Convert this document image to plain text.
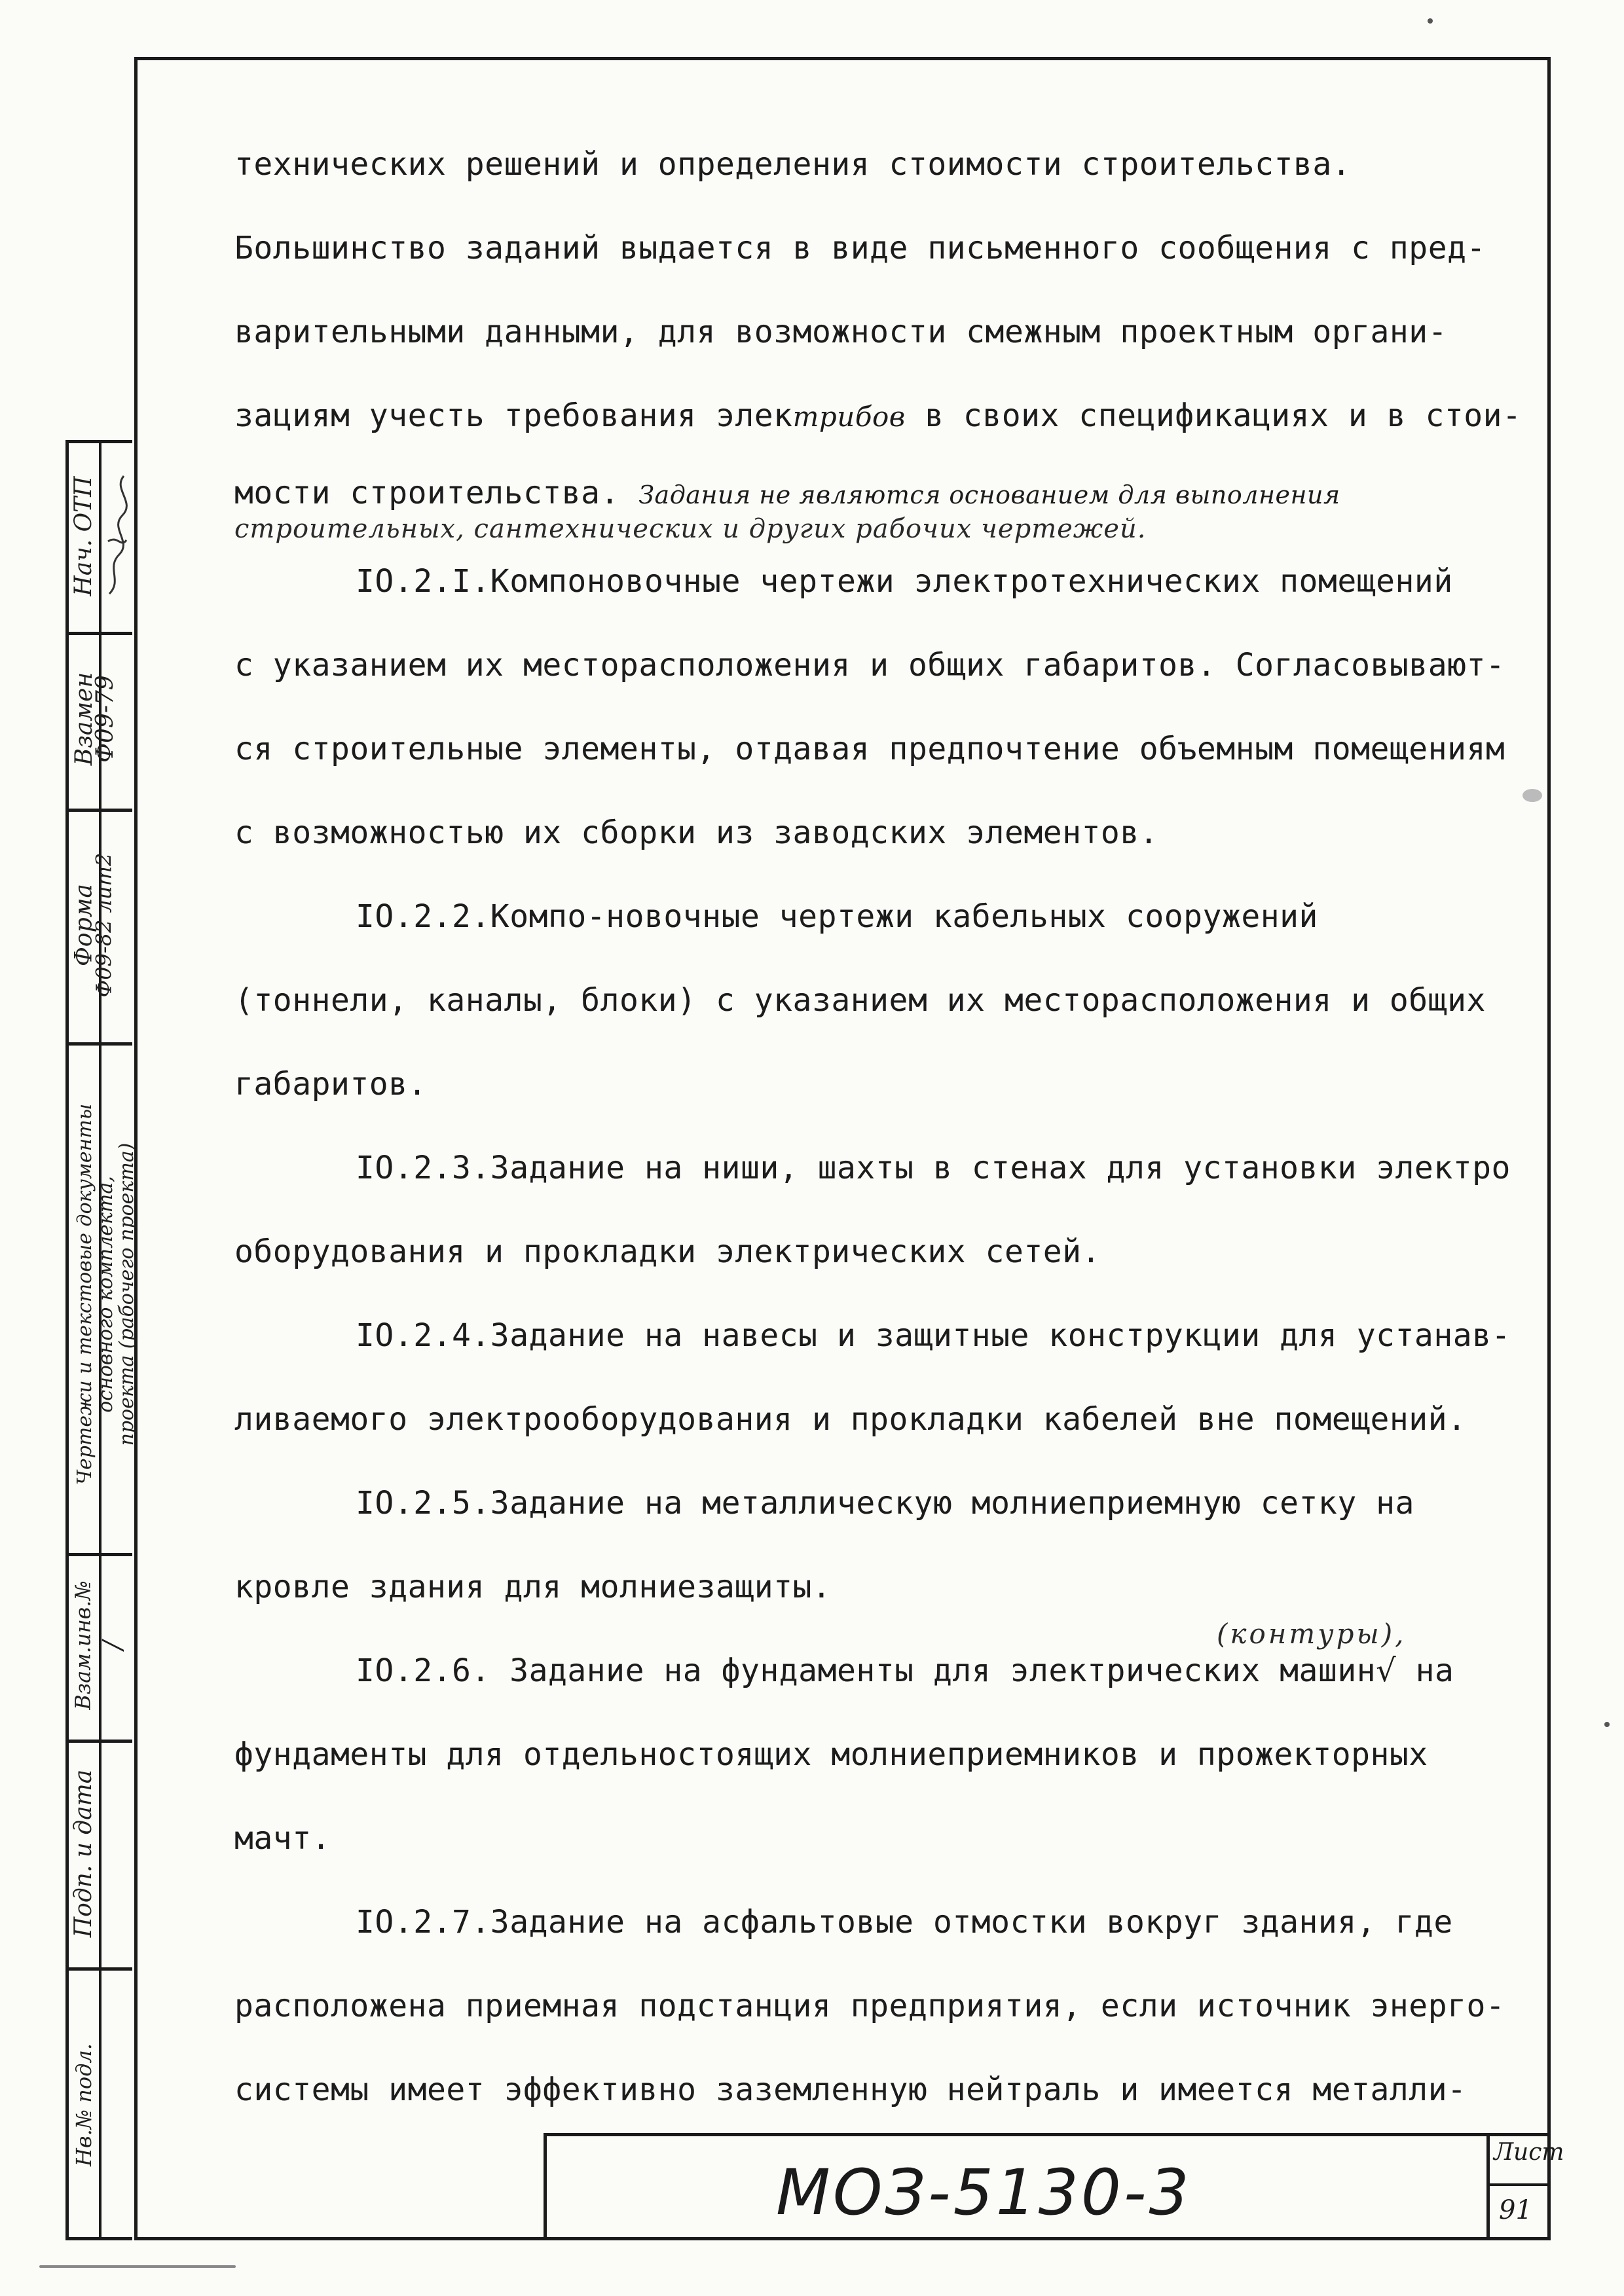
технических решений и определения стоимости строительства.
Большинство заданий выдается в виде письменного сообщения с пред-
варительными данными, для возможности смежным проектным органи-
зациям учесть требования электрибов в своих спецификациях и в стои-
мости строительства. Задания не являются основанием для выполнения
строительных, сантехнических и других рабочих чертежей.
IO.2.I.Компоновочные чертежи электротехнических помещений
с указанием их месторасположения и общих габаритов. Согласовывают-
ся строительные элементы, отдавая предпочтение объемным помещениям
с возможностью их сборки из заводских элементов.
IO.2.2.Компо-новочные чертежи кабельных сооружений
(тоннели, каналы, блоки) с указанием их месторасположения и общих
габаритов.
IO.2.3.Задание на ниши, шахты в стенах для установки электро
оборудования и прокладки электрических сетей.
IO.2.4.Задание на навесы и защитные конструкции для устанав-
ливаемого электрооборудования и прокладки кабелей вне помещений.
IO.2.5.Задание на металлическую молниеприемную сетку на
кровле здания для молниезащиты.
(контуры),
IO.2.6. Задание на фундаменты для электрических машин√ на
фундаменты для отдельностоящих молниеприемников и прожекторных
мачт.
IO.2.7.Задание на асфальтовые отмостки вокруг здания, где
расположена приемная подстанция предприятия, если источник энерго-
системы имеет эффективно заземленную нейтраль и имеется металли-
Нач. ОТП
Взамен
Ф09-79
Форма
Ф09-82 лит2
Чертежи и текстовые документы
основного комплекта,
проекта (рабочего проекта)
Взам.инв.№ /
Подп. и дата
Нв.№ подл.
МОЗ-5130-3
Лист
91
